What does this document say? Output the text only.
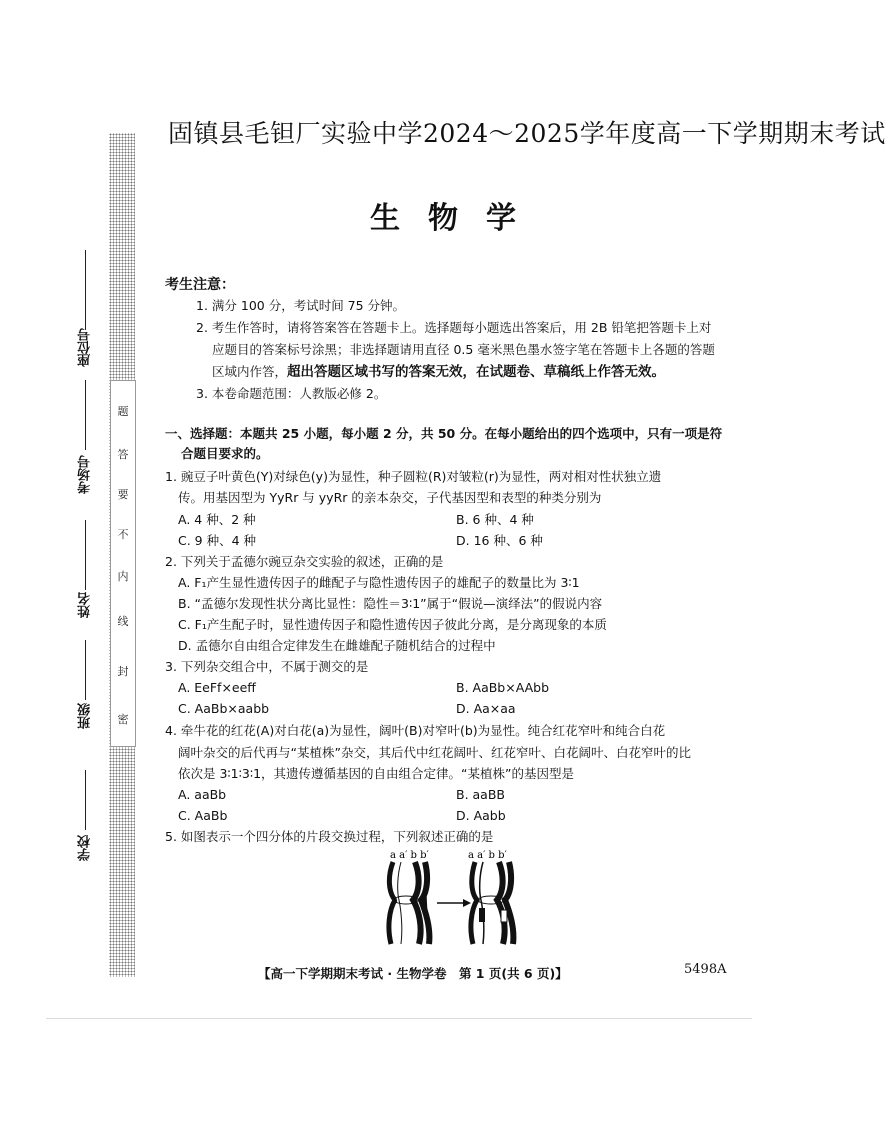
密
封
线
内
不
要
答
题
座位号
考场号
姓名
班级
学校
固镇县毛钽厂实验中学2024～2025学年度高一下学期期末考试
生物学
考生注意：
1. 满分 100 分，考试时间 75 分钟。
2. 考生作答时，请将答案答在答题卡上。选择题每小题选出答案后，用 2B 铅笔把答题卡上对
应题目的答案标号涂黑；非选择题请用直径 0.5 毫米黑色墨水签字笔在答题卡上各题的答题
区域内作答，超出答题区域书写的答案无效，在试题卷、草稿纸上作答无效。
3. 本卷命题范围：人教版必修 2。
一、选择题：本题共 25 小题，每小题 2 分，共 50 分。在每小题给出的四个选项中，只有一项是符
合题目要求的。
1. 豌豆子叶黄色(Y)对绿色(y)为显性，种子圆粒(R)对皱粒(r)为显性，两对相对性状独立遗
传。用基因型为 YyRr 与 yyRr 的亲本杂交，子代基因型和表型的种类分别为
A. 4 种、2 种	B. 6 种、4 种
C. 9 种、4 种	D. 16 种、6 种
2. 下列关于孟德尔豌豆杂交实验的叙述，正确的是
A. F₁产生显性遗传因子的雌配子与隐性遗传因子的雄配子的数量比为 3∶1
B. “孟德尔发现性状分离比显性：隐性＝3∶1”属于“假说—演绎法”的假说内容
C. F₁产生配子时，显性遗传因子和隐性遗传因子彼此分离，是分离现象的本质
D. 孟德尔自由组合定律发生在雌雄配子随机结合的过程中
3. 下列杂交组合中，不属于测交的是
A. EeFf×eeff	B. AaBb×AAbb
C. AaBb×aabb	D. Aa×aa
4. 牵牛花的红花(A)对白花(a)为显性，阔叶(B)对窄叶(b)为显性。纯合红花窄叶和纯合白花
阔叶杂交的后代再与“某植株”杂交，其后代中红花阔叶、红花窄叶、白花阔叶、白花窄叶的比
依次是 3∶1∶3∶1，其遗传遵循基因的自由组合定律。“某植株”的基因型是
A. aaBb	B. aaBB
C. AaBb	D. Aabb
5. 如图表示一个四分体的片段交换过程，下列叙述正确的是
a a′ b b′	a a′ b b′
【高一下学期期末考试 · 生物学卷　第 1 页(共 6 页)】	5498A
